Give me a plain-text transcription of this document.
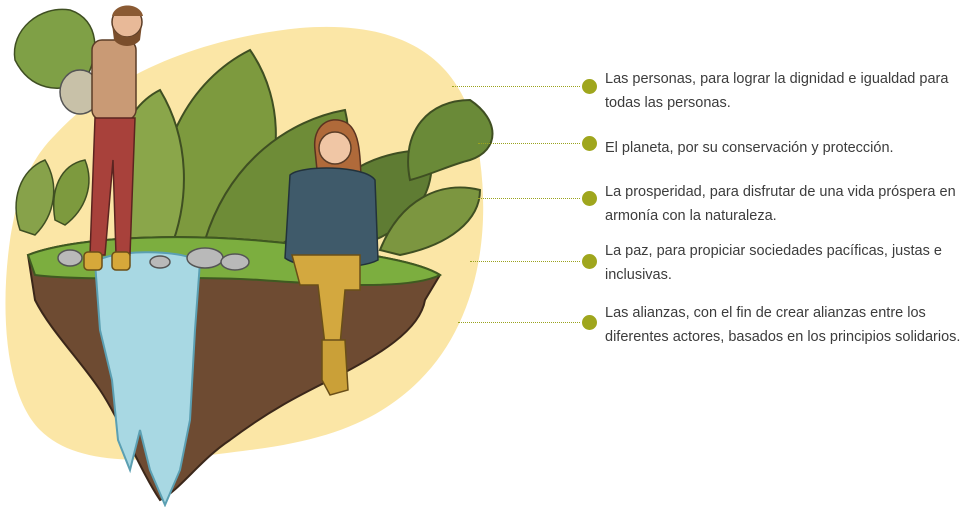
Las personas, para lograr la dignidad e igualdad para todas las personas.
El planeta, por su conservación y protección.
La prosperidad, para disfrutar de una vida próspera en armonía con la naturaleza.
La paz, para propiciar sociedades pacíficas, justas e inclusivas.
Las alianzas, con el fin de crear alianzas entre los diferentes actores, basados en los principios solidarios.
